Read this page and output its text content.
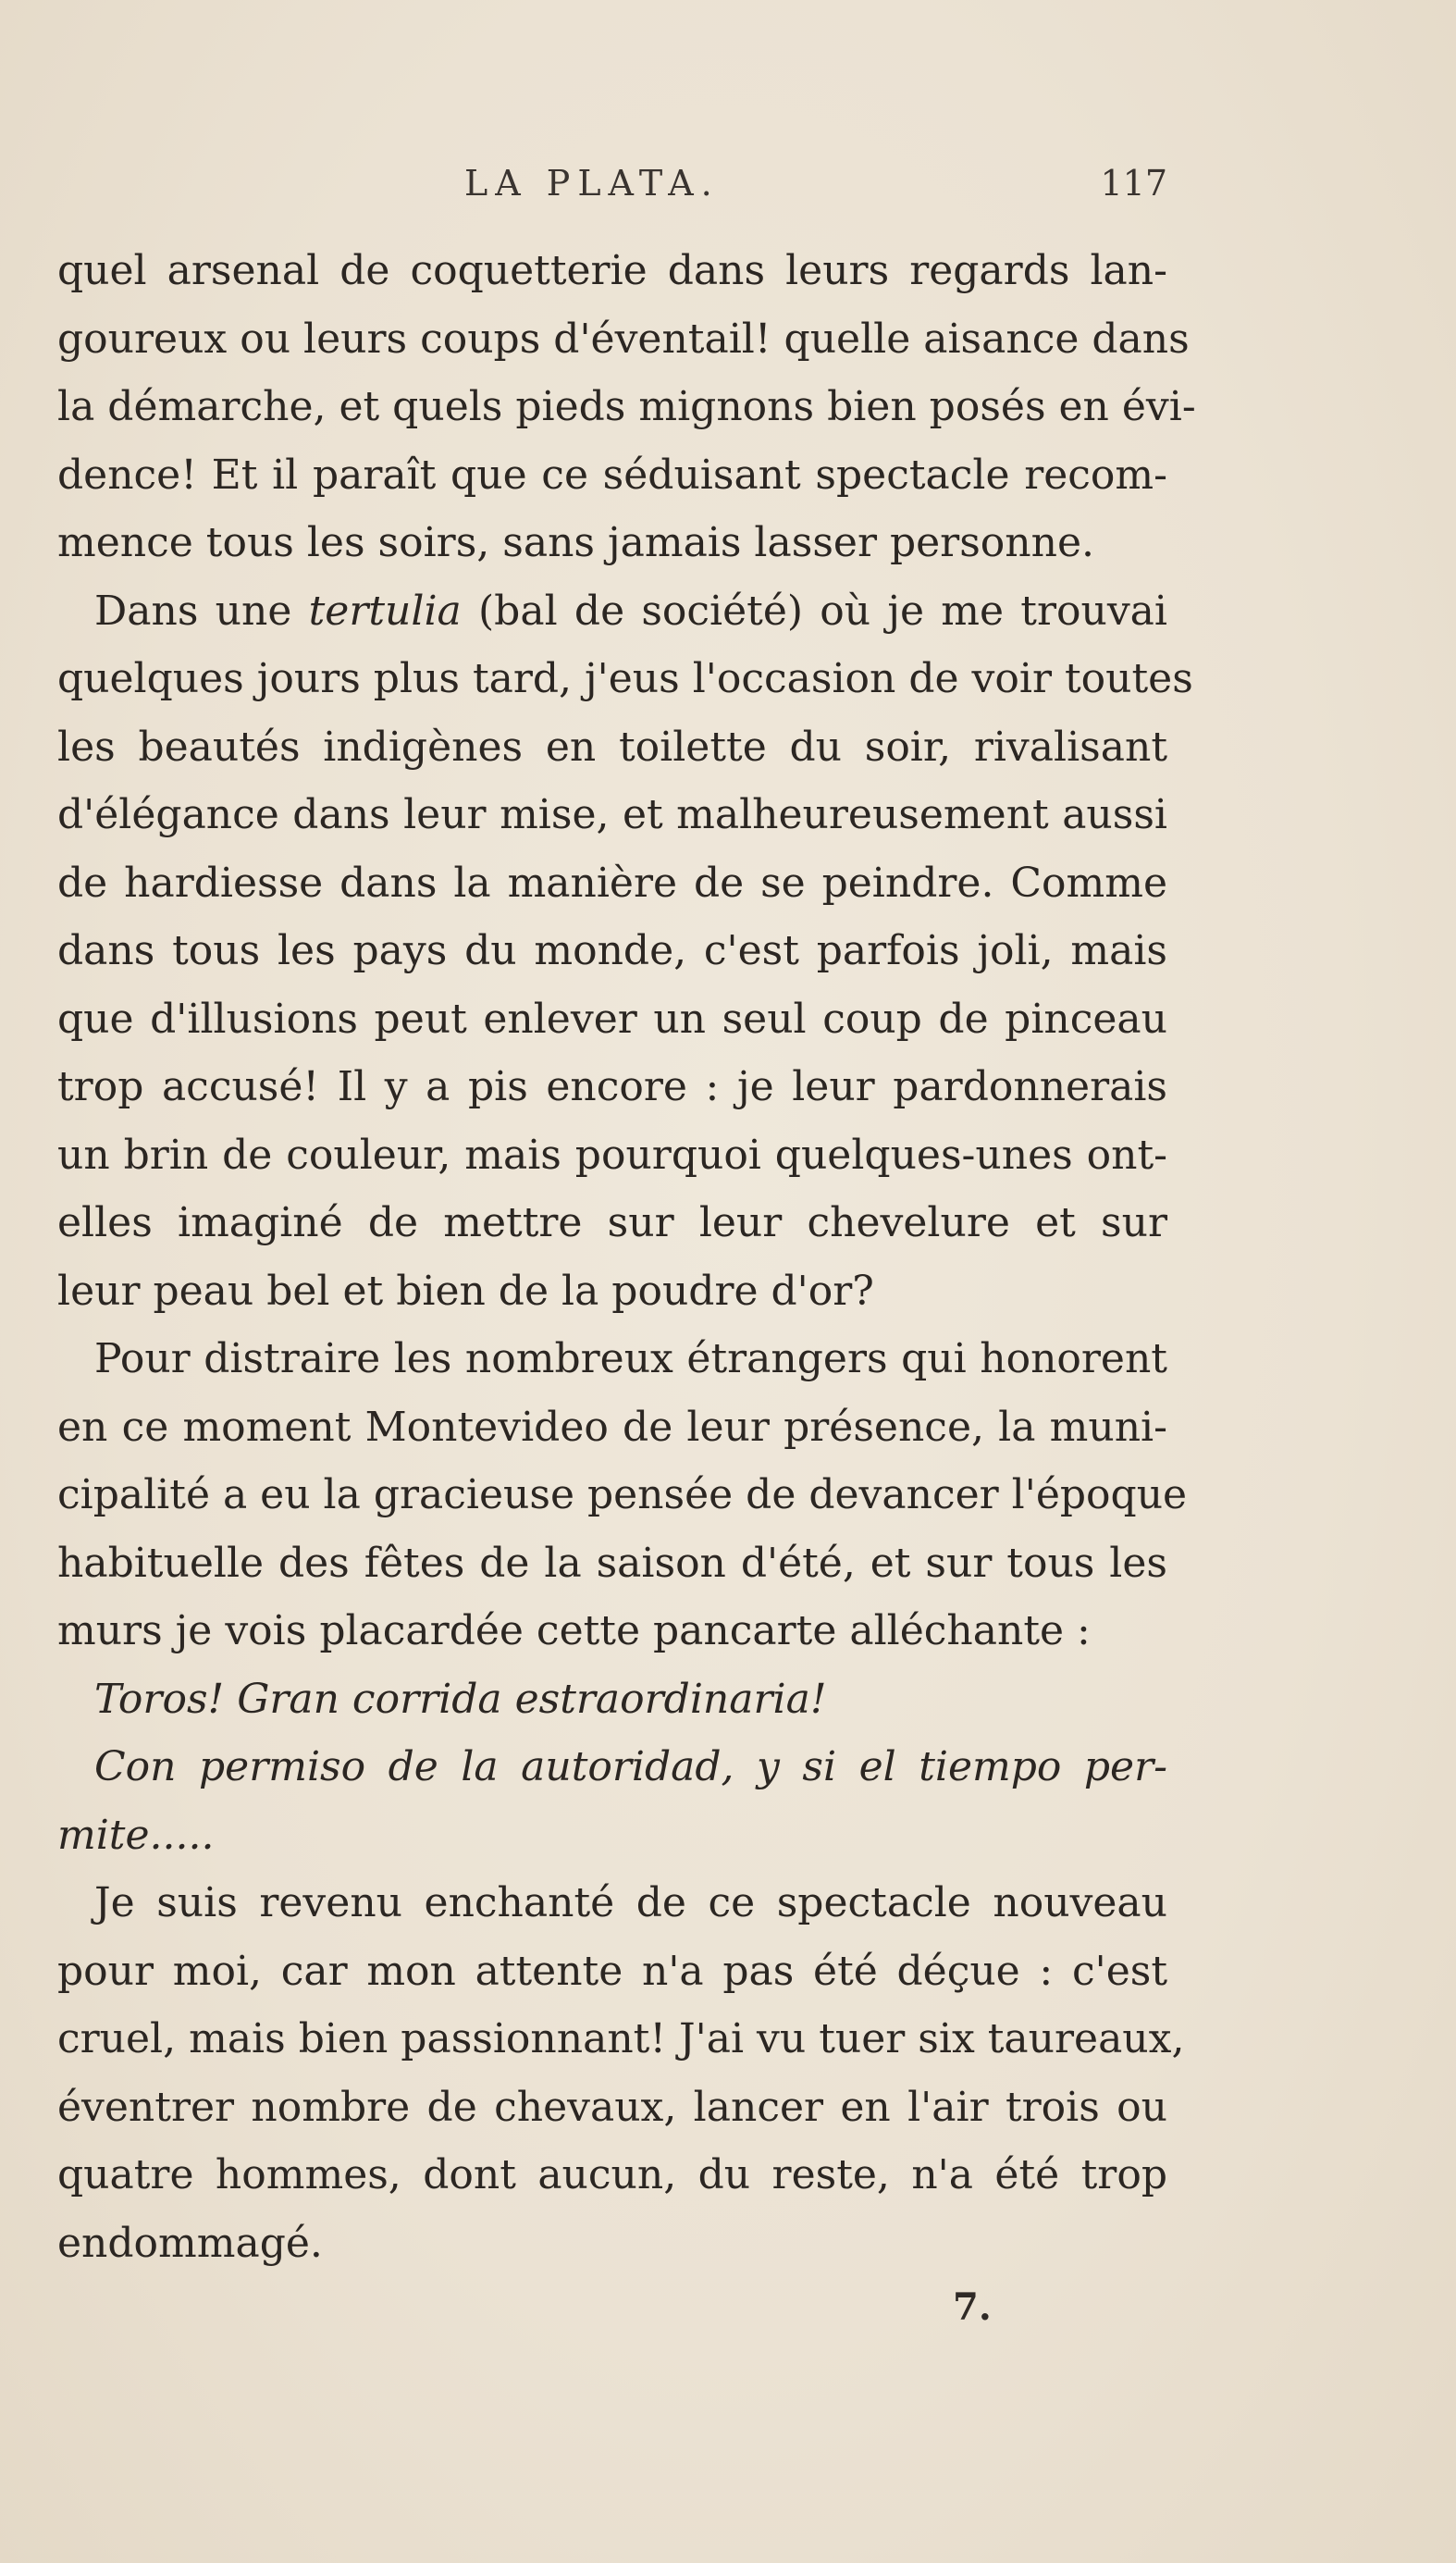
LA PLATA.	117
quel arsenal de coquetterie dans leurs regards lan-
goureux ou leurs coups d'éventail! quelle aisance dans
la démarche, et quels pieds mignons bien posés en évi-
dence! Et il paraît que ce séduisant spectacle recom-
mence tous les soirs, sans jamais lasser personne.
Dans une tertulia (bal de société) où je me trouvai
quelques jours plus tard, j'eus l'occasion de voir toutes
les beautés indigènes en toilette du soir, rivalisant
d'élégance dans leur mise, et malheureusement aussi
de hardiesse dans la manière de se peindre. Comme
dans tous les pays du monde, c'est parfois joli, mais
que d'illusions peut enlever un seul coup de pinceau
trop accusé! Il y a pis encore : je leur pardonnerais
un brin de couleur, mais pourquoi quelques-unes ont-
elles imaginé de mettre sur leur chevelure et sur
leur peau bel et bien de la poudre d'or?
Pour distraire les nombreux étrangers qui honorent
en ce moment Montevideo de leur présence, la muni-
cipalité a eu la gracieuse pensée de devancer l'époque
habituelle des fêtes de la saison d'été, et sur tous les
murs je vois placardée cette pancarte alléchante :
Toros! Gran corrida estraordinaria!
Con permiso de la autoridad, y si el tiempo per-
mite.....
Je suis revenu enchanté de ce spectacle nouveau
pour moi, car mon attente n'a pas été déçue : c'est
cruel, mais bien passionnant! J'ai vu tuer six taureaux,
éventrer nombre de chevaux, lancer en l'air trois ou
quatre hommes, dont aucun, du reste, n'a été trop
endommagé.
7.
